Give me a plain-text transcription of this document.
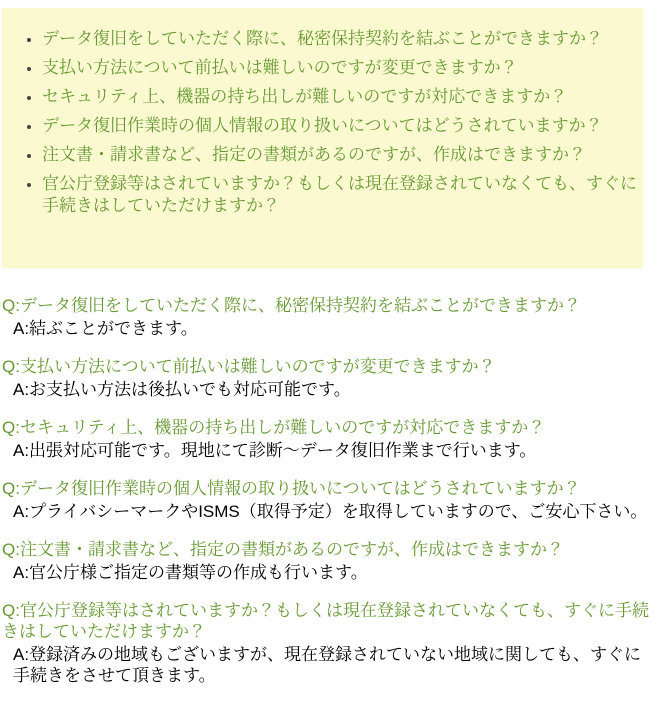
• データ復旧をしていただく際に、秘密保持契約を結ぶことができますか？
• 支払い方法について前払いは難しいのですが変更できますか？
• セキュリティ上、機器の持ち出しが難しいのですが対応できますか？
• データ復旧作業時の個人情報の取り扱いについてはどうされていますか？
• 注文書・請求書など、指定の書類があるのですが、作成はできますか？
• 官公庁登録等はされていますか？もしくは現在登録されていなくても、すぐに手続きはしていただけますか？
Q:データ復旧をしていただく際に、秘密保持契約を結ぶことができますか？
A:結ぶことができます。
Q:支払い方法について前払いは難しいのですが変更できますか？
A:お支払い方法は後払いでも対応可能です。
Q:セキュリティ上、機器の持ち出しが難しいのですが対応できますか？
A:出張対応可能です。現地にて診断～データ復旧作業まで行います。
Q:データ復旧作業時の個人情報の取り扱いについてはどうされていますか？
A:プライバシーマークやISMS（取得予定）を取得していますので、ご安心下さい。
Q:注文書・請求書など、指定の書類があるのですが、作成はできますか？
A:官公庁様ご指定の書類等の作成も行います。
Q:官公庁登録等はされていますか？もしくは現在登録されていなくても、すぐに手続きはしていただけますか？
A:登録済みの地域もございますが、現在登録されていない地域に関しても、すぐに手続きをさせて頂きます。
